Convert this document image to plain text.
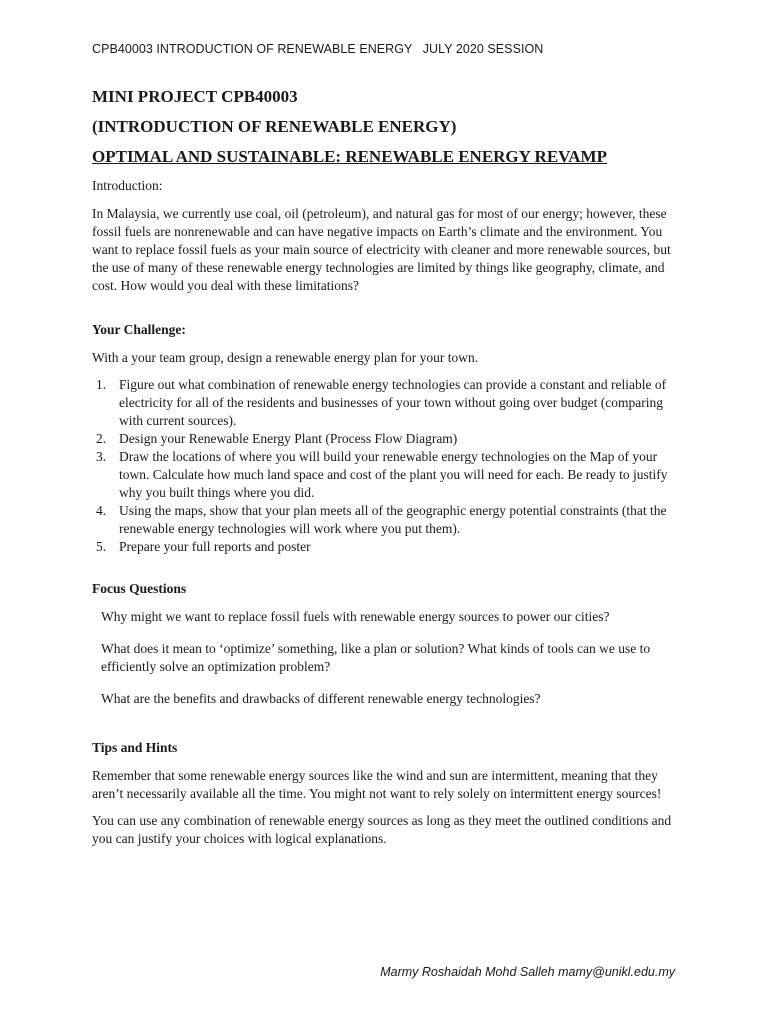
CPB40003 INTRODUCTION OF RENEWABLE ENERGY   JULY 2020 SESSION
MINI PROJECT CPB40003
(INTRODUCTION OF RENEWABLE ENERGY)
OPTIMAL AND SUSTAINABLE: RENEWABLE ENERGY REVAMP

Introduction:

In Malaysia, we currently use coal, oil (petroleum), and natural gas for most of our energy; however, these fossil fuels are nonrenewable and can have negative impacts on Earth’s climate and the environment. You want to replace fossil fuels as your main source of electricity with cleaner and more renewable sources, but the use of many of these renewable energy technologies are limited by things like geography, climate, and cost. How would you deal with these limitations?

Your Challenge:

With a your team group, design a renewable energy plan for your town.

1. Figure out what combination of renewable energy technologies can provide a constant and reliable of electricity for all of the residents and businesses of your town without going over budget (comparing with current sources).
2. Design your Renewable Energy Plant (Process Flow Diagram)
3. Draw the locations of where you will build your renewable energy technologies on the Map of your town. Calculate how much land space and cost of the plant you will need for each. Be ready to justify why you built things where you did.
4. Using the maps, show that your plan meets all of the geographic energy potential constraints (that the renewable energy technologies will work where you put them).
5. Prepare your full reports and poster

Focus Questions

Why might we want to replace fossil fuels with renewable energy sources to power our cities?

What does it mean to ‘optimize’ something, like a plan or solution? What kinds of tools can we use to efficiently solve an optimization problem?

What are the benefits and drawbacks of different renewable energy technologies?

Tips and Hints

Remember that some renewable energy sources like the wind and sun are intermittent, meaning that they aren’t necessarily available all the time. You might not want to rely solely on intermittent energy sources!

You can use any combination of renewable energy sources as long as they meet the outlined conditions and you can justify your choices with logical explanations.

Marmy Roshaidah Mohd Salleh mamy@unikl.edu.my
